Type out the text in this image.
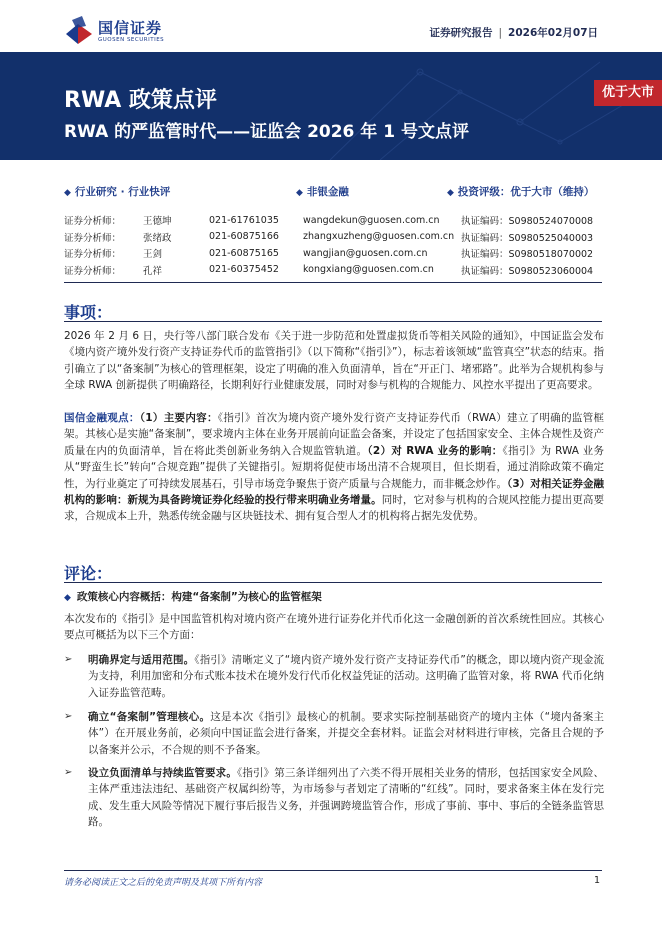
国信证券
GUOSEN SECURITIES
证券研究报告 | 2026年02月07日
RWA 政策点评
RWA 的严监管时代——证监会 2026 年 1 号文点评
优于大市
◆ 行业研究 · 行业快评	◆ 非银金融	◆ 投资评级：优于大市（维持）
证券分析师：	王德坤	021-61761035	wangdekun@guosen.com.cn	执证编码：S0980524070008
证券分析师：	张绪政	021-60875166	zhangxuzheng@guosen.com.cn	执证编码：S0980525040003
证券分析师：	王剑	021-60875165	wangjian@guosen.com.cn	执证编码：S0980518070002
证券分析师：	孔祥	021-60375452	kongxiang@guosen.com.cn	执证编码：S0980523060004
事项：
2026 年 2 月 6 日，央行等八部门联合发布《关于进一步防范和处置虚拟货币等相关风险的通知》，中国证监会发布《境内资产境外发行资产支持证券代币的监管指引》（以下简称“《指引》”），标志着该领域“监管真空”状态的结束。指引确立了以“备案制”为核心的管理框架，设定了明确的准入负面清单，旨在“开正门、堵邪路”。此举为合规机构参与全球 RWA 创新提供了明确路径，长期利好行业健康发展，同时对参与机构的合规能力、风控水平提出了更高要求。
国信金融观点：（1）主要内容：《指引》首次为境内资产境外发行资产支持证券代币（RWA）建立了明确的监管框架。其核心是实施“备案制”，要求境内主体在业务开展前向证监会备案，并设定了包括国家安全、主体合规性及资产质量在内的负面清单，旨在将此类创新业务纳入合规监管轨道。（2）对 RWA 业务的影响：《指引》为 RWA 业务从“野蛮生长”转向“合规竞跑”提供了关键指引。短期将促使市场出清不合规项目，但长期看，通过消除政策不确定性，为行业奠定了可持续发展基石，引导市场竞争聚焦于资产质量与合规能力，而非概念炒作。（3）对相关证券金融机构的影响：新规为具备跨境证券化经验的投行带来明确业务增量。同时，它对参与机构的合规风控能力提出更高要求，合规成本上升，熟悉传统金融与区块链技术、拥有复合型人才的机构将占据先发优势。
评论：
◆ 政策核心内容概括：构建“备案制”为核心的监管框架
本次发布的《指引》是中国监管机构对境内资产在境外进行证券化并代币化这一金融创新的首次系统性回应。其核心要点可概括为以下三个方面：
➢ 明确界定与适用范围。《指引》清晰定义了“境内资产境外发行资产支持证券代币”的概念，即以境内资产现金流为支持，利用加密和分布式账本技术在境外发行代币化权益凭证的活动。这明确了监管对象，将 RWA 代币化纳入证券监管范畴。
➢ 确立“备案制”管理核心。这是本次《指引》最核心的机制。要求实际控制基础资产的境内主体（“境内备案主体”）在开展业务前，必须向中国证监会进行备案，并提交全套材料。证监会对材料进行审核，完备且合规的予以备案并公示，不合规的则不予备案。
➢ 设立负面清单与持续监管要求。《指引》第三条详细列出了六类不得开展相关业务的情形，包括国家安全风险、主体严重违法违纪、基础资产权属纠纷等，为市场参与者划定了清晰的“红线”。同时，要求备案主体在发行完成、发生重大风险等情况下履行事后报告义务，并强调跨境监管合作，形成了事前、事中、事后的全链条监管思路。
请务必阅读正文之后的免责声明及其项下所有内容	1
